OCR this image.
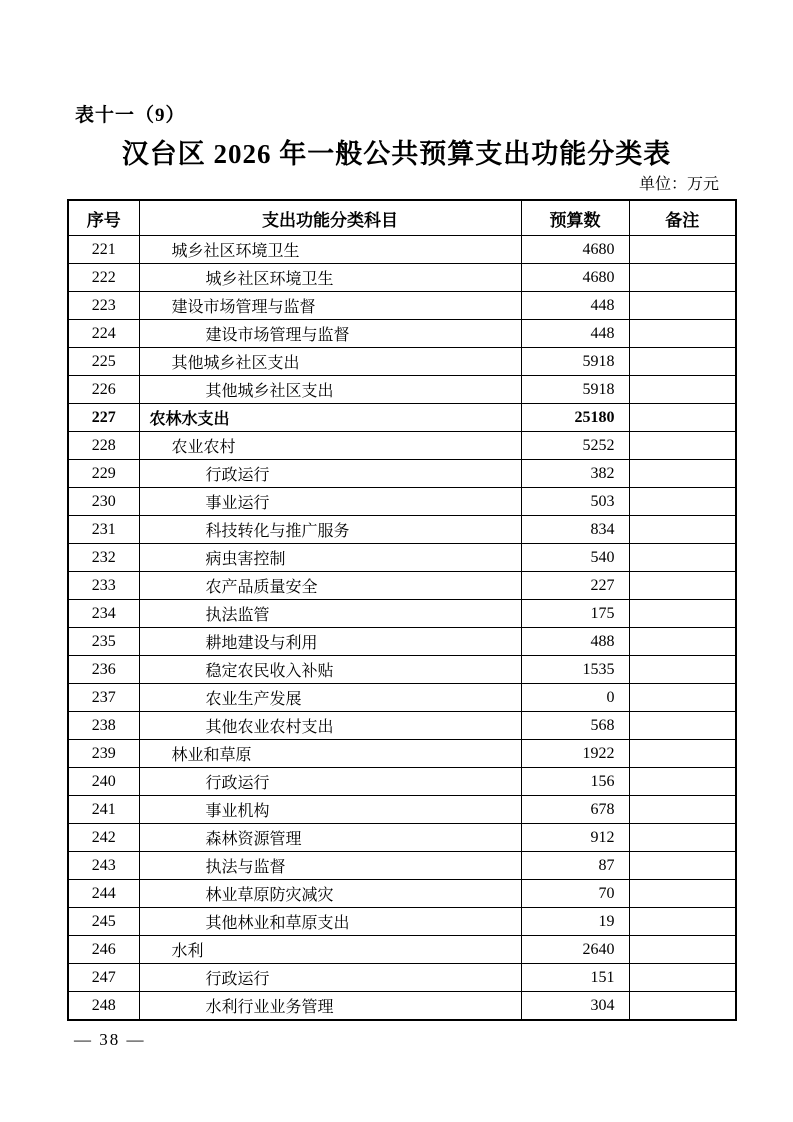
表十一（9）
汉台区 2026 年一般公共预算支出功能分类表
单位：万元
序号	支出功能分类科目	预算数	备注
221	城乡社区环境卫生	4680	
222	城乡社区环境卫生	4680	
223	建设市场管理与监督	448	
224	建设市场管理与监督	448	
225	其他城乡社区支出	5918	
226	其他城乡社区支出	5918	
227	农林水支出	25180	
228	农业农村	5252	
229	行政运行	382	
230	事业运行	503	
231	科技转化与推广服务	834	
232	病虫害控制	540	
233	农产品质量安全	227	
234	执法监管	175	
235	耕地建设与利用	488	
236	稳定农民收入补贴	1535	
237	农业生产发展	0	
238	其他农业农村支出	568	
239	林业和草原	1922	
240	行政运行	156	
241	事业机构	678	
242	森林资源管理	912	
243	执法与监督	87	
244	林业草原防灾减灾	70	
245	其他林业和草原支出	19	
246	水利	2640	
247	行政运行	151	
248	水利行业业务管理	304	
— 38 —
